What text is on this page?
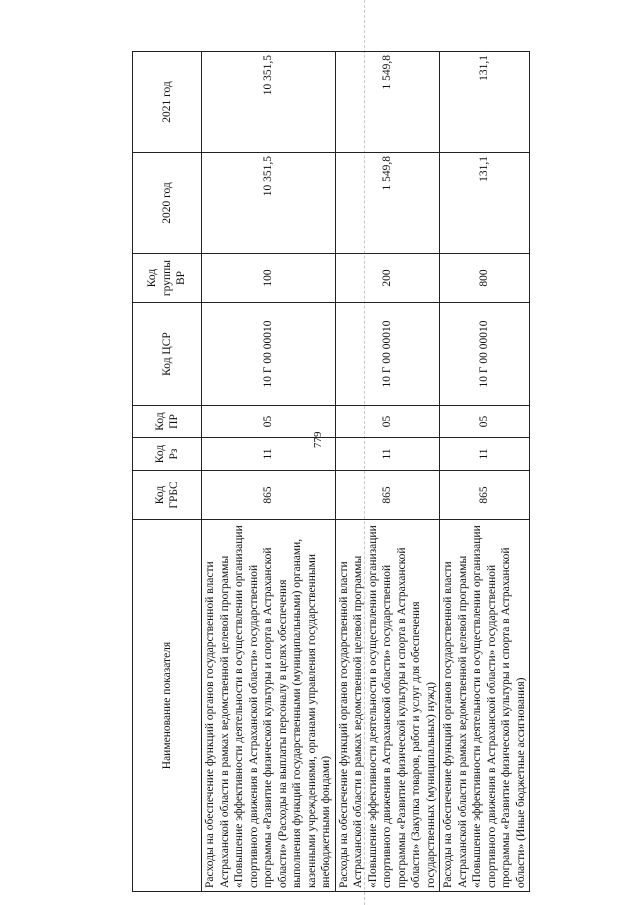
779
Наименование показателя	Код ГРБС	Код Рз	Код ПР	Код ЦСР	Код группы ВР	2020 год	2021 год
Расходы на обеспечение функций органов государственной власти Астраханской области в рамках ведомственной целевой программы «Повышение эффективности деятельности в осуществлении организации спортивного движения в Астраханской области» государственной программы «Развитие физической культуры и спорта в Астраханской области» (Расходы на выплаты персоналу в целях обеспечения выполнения функций государственными (муниципальными) органами, казенными учреждениями, органами управления государственными внебюджетными фондами)	865	11	05	10 Г 00 00010	100	10 351,5	10 351,5
Расходы на обеспечение функций органов государственной власти Астраханской области в рамках ведомственной целевой программы «Повышение эффективности деятельности в осуществлении организации спортивного движения в Астраханской области» государственной программы «Развитие физической культуры и спорта в Астраханской области» (Закупка товаров, работ и услуг для обеспечения государственных (муниципальных) нужд)	865	11	05	10 Г 00 00010	200	1 549,8	1 549,8
Расходы на обеспечение функций органов государственной власти Астраханской области в рамках ведомственной целевой программы «Повышение эффективности деятельности в осуществлении организации спортивного движения в Астраханской области» государственной программы «Развитие физической культуры и спорта в Астраханской области» (Иные бюджетные ассигнования)	865	11	05	10 Г 00 00010	800	131,1	131,1
